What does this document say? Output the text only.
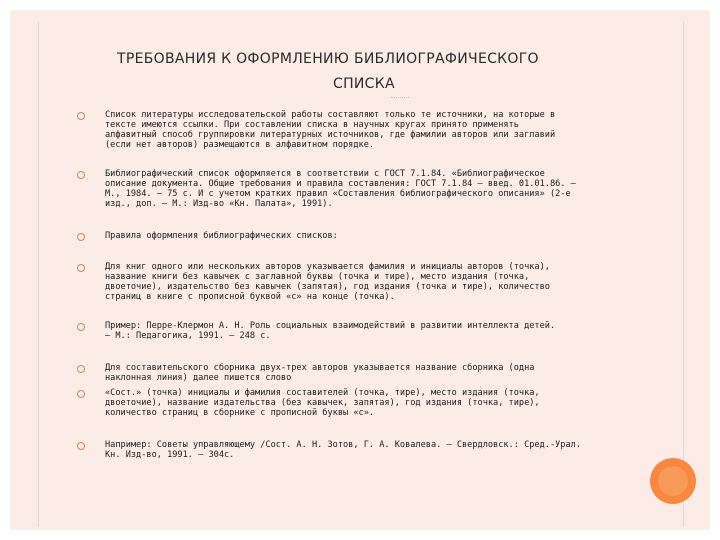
ТРЕБОВАНИЯ К ОФОРМЛЕНИЮ БИБЛИОГРАФИЧЕСКОГО
СПИСКА
Список литературы исследовательской работы составляют только те источники, на которые в
тексте имеются ссылки. При составлении списка в научных кругах принято применять
алфавитный способ группировки литературных источников, где фамилии авторов или заглавий
(если нет авторов) размещаются в алфавитном порядке.
Библиографический список оформляется в соответствии с ГОСТ 7.1.84. «Библиографическое
описание документа. Общие требования и правила составления: ГОСТ 7.1.84 — введ. 01.01.86. —
М., 1984. — 75 с. И с учетом кратких правил «Составления библиографического описания» (2-е
изд., доп. — М.: Изд-во «Кн. Палата», 1991).
Правила оформления библиографических списков:
Для книг одного или нескольких авторов указывается фамилия и инициалы авторов (точка),
название книги без кавычек с заглавной буквы (точка и тире), место издания (точка,
двоеточие), издательство без кавычек (запятая), год издания (точка и тире), количество
страниц в книге с прописной буквой «с» на конце (точка).
Пример: Перре-Клермон А. Н. Роль социальных взаимодействий в развитии интеллекта детей.
— М.: Педагогика, 1991. — 248 с.
Для составительского сборника двух-трех авторов указывается название сборника (одна
наклонная линия) далее пишется слово
«Сост.» (точка) инициалы и фамилия составителей (точка, тире), место издания (точка,
двоеточие), название издательства (без кавычек, запятая), год издания (точка, тире),
количество страниц в сборнике с прописной буквы «с».
Например: Советы управляющему /Сост. А. Н. Зотов, Г. А. Ковалева. — Свердловск.: Сред.-Урал.
Кн. Изд-во, 1991. — 304с.
